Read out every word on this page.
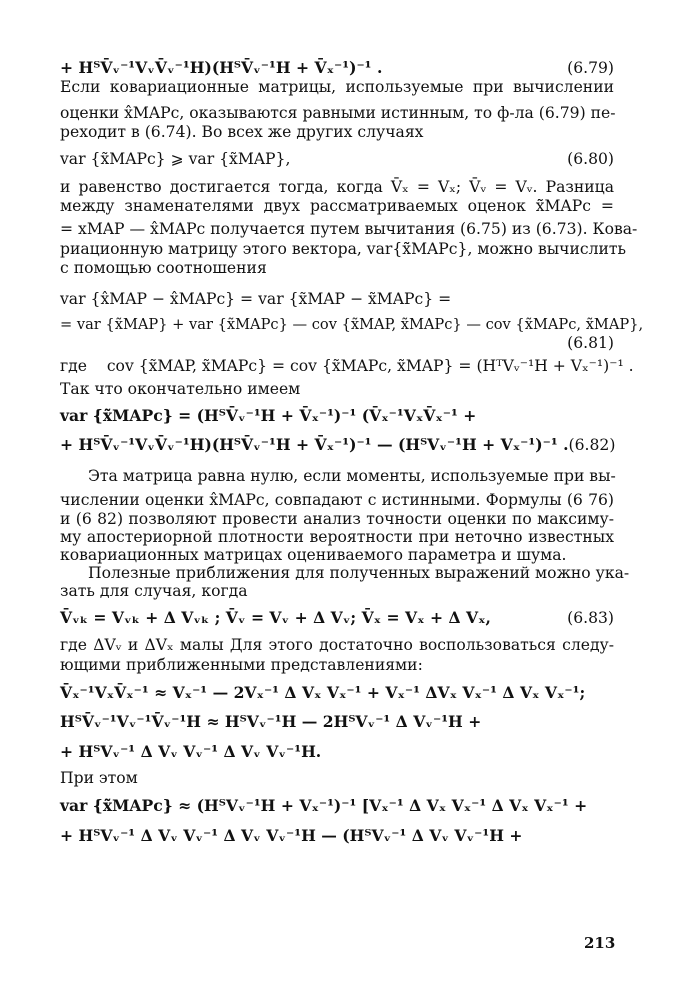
+ HᵀV̄ᵥ⁻¹VᵥV̄ᵥ⁻¹H)(HᵀV̄ᵥ⁻¹H + V̄ₓ⁻¹)⁻¹ .	(6.79)
Если ковариационные матрицы, используемые при вычислении
оценки x̂MAPc, оказываются равными истинным, то ф-ла (6.79) пе-
реходит в (6.74). Во всех же других случаях
var {x̃MAPc} ⩾ var {x̃MAP},	(6.80)
и равенство достигается тогда, когда V̄ₓ = Vₓ; V̄ᵥ = Vᵥ. Разница
между знаменателями двух рассматриваемых оценок x̃̃MAPc =
= xMAP — x̂MAPc получается путем вычитания (6.75) из (6.73). Кова-
риационную матрицу этого вектора, var{x̃̃MAPc}, можно вычислить
с помощью соотношения
var {x̂MAP − x̂MAPc} = var {x̃MAP − x̃MAPc} =
= var {x̃MAP} + var {x̃MAPc} — cov {x̃MAP, x̃MAPc} — cov {x̃MAPc, x̃MAP},
(6.81)
где cov {x̃MAP, x̃MAPc} = cov {x̃MAPc, x̃MAP} = (HᵀVᵥ⁻¹H + Vₓ⁻¹)⁻¹ .
Так что окончательно имеем
var {x̃̃MAPc} = (HᵀV̄ᵥ⁻¹H + V̄ₓ⁻¹)⁻¹ (V̄ₓ⁻¹VₓV̄ₓ⁻¹ +
+ HᵀV̄ᵥ⁻¹VᵥV̄ᵥ⁻¹H)(HᵀV̄ᵥ⁻¹H + V̄ₓ⁻¹)⁻¹ — (HᵀVᵥ⁻¹H + Vₓ⁻¹)⁻¹ . (6.82)
Эта матрица равна нулю, если моменты, используемые при вы-
числении оценки x̂MAPc, совпадают с истинными. Формулы (6 76)
и (6 82) позволяют провести анализ точности оценки по максиму-
му апостериорной плотности вероятности при неточно известных
ковариационных матрицах оцениваемого параметра и шума.
Полезные приближения для полученных выражений можно ука-
зать для случая, когда
V̄ᵥₖ = Vᵥₖ + Δ Vᵥₖ ; V̄ᵥ = Vᵥ + Δ Vᵥ; V̄ₓ = Vₓ + Δ Vₓ,	(6.83)
где ΔVᵥ и ΔVₓ малы Для этого достаточно воспользоваться следу-
ющими приближенными представлениями:
V̄ₓ⁻¹VₓV̄ₓ⁻¹ ≈ Vₓ⁻¹ — 2Vₓ⁻¹ Δ Vₓ Vₓ⁻¹ + Vₓ⁻¹ ΔVₓ Vₓ⁻¹ Δ Vₓ Vₓ⁻¹;
HᵀV̄ᵥ⁻¹Vᵥ⁻¹V̄ᵥ⁻¹H ≈ HᵀVᵥ⁻¹H — 2HᵀVᵥ⁻¹ Δ Vᵥ⁻¹H +
+ HᵀVᵥ⁻¹ Δ Vᵥ Vᵥ⁻¹ Δ Vᵥ Vᵥ⁻¹H.
При этом
var {x̃̃MAPc} ≈ (HᵀVᵥ⁻¹H + Vₓ⁻¹)⁻¹ [Vₓ⁻¹ Δ Vₓ Vₓ⁻¹ Δ Vₓ Vₓ⁻¹ +
+ HᵀVᵥ⁻¹ Δ Vᵥ Vᵥ⁻¹ Δ Vᵥ Vᵥ⁻¹H — (HᵀVᵥ⁻¹ Δ Vᵥ Vᵥ⁻¹H +
213
